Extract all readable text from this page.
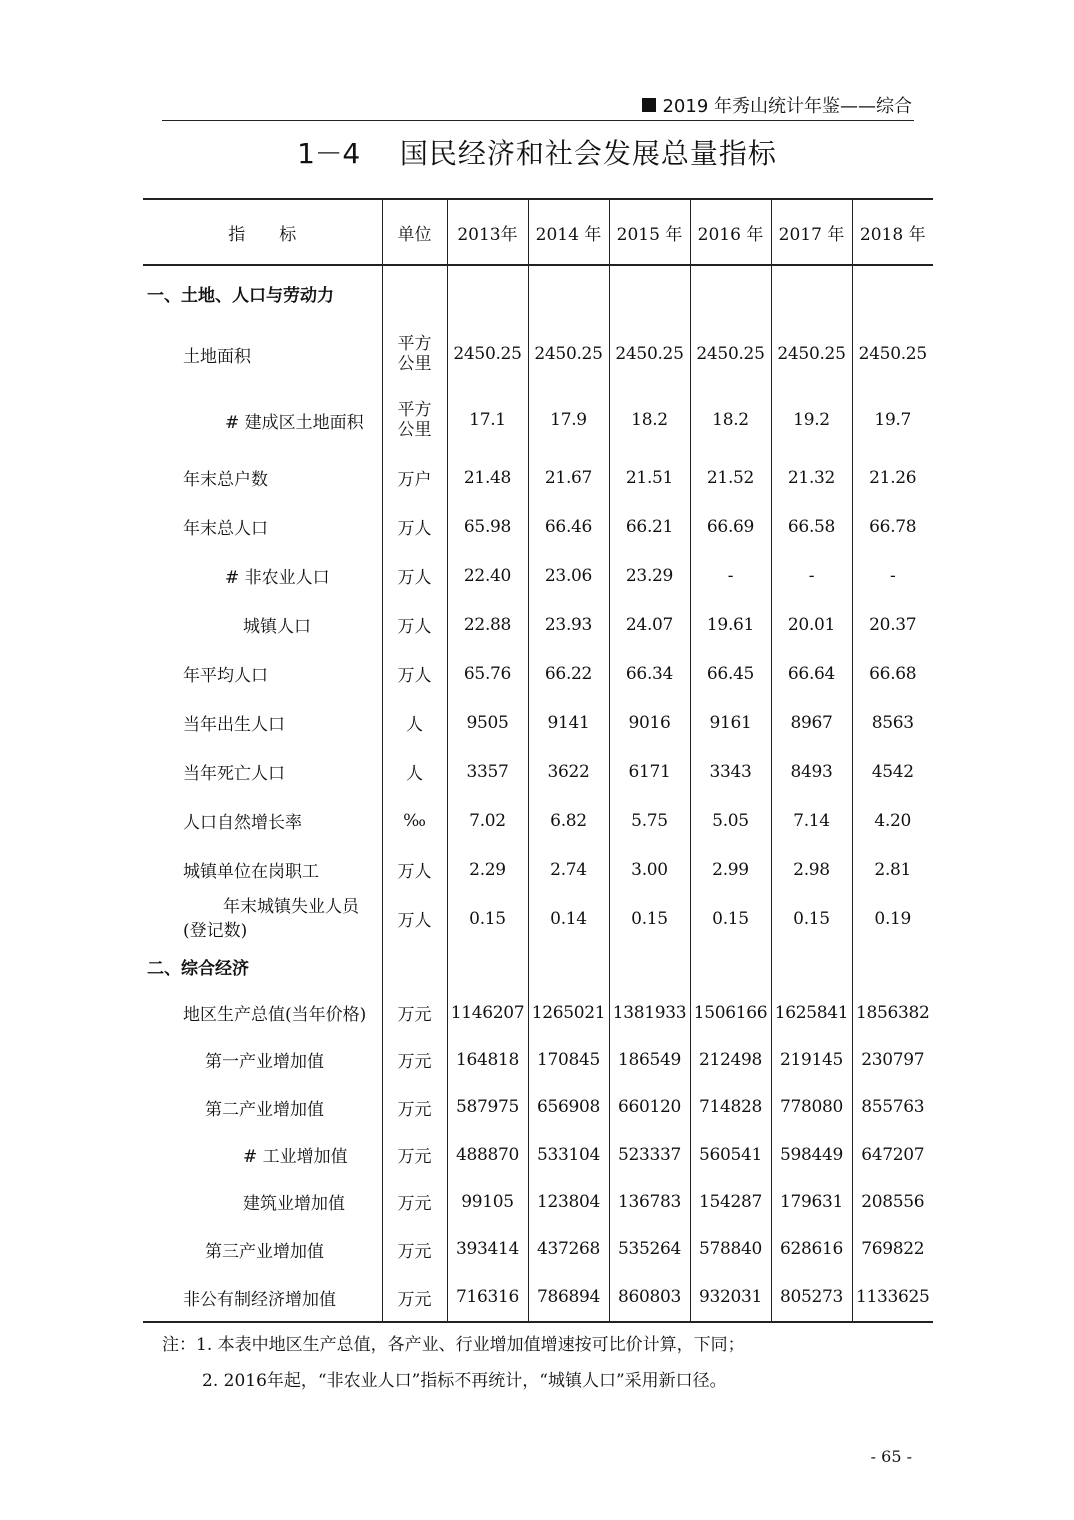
2019 年秀山统计年鉴——综合
1－4 国民经济和社会发展总量指标
指　　标	单位	2013年	2014 年	2015 年	2016 年	2017 年	2018 年
一、土地、人口与劳动力							
土地面积	平方公里	2450.25	2450.25	2450.25	2450.25	2450.25	2450.25
# 建成区土地面积	平方公里	17.1	17.9	18.2	18.2	19.2	19.7
年末总户数	万户	21.48	21.67	21.51	21.52	21.32	21.26
年末总人口	万人	65.98	66.46	66.21	66.69	66.58	66.78
# 非农业人口	万人	22.40	23.06	23.29	-	-	-
城镇人口	万人	22.88	23.93	24.07	19.61	20.01	20.37
年平均人口	万人	65.76	66.22	66.34	66.45	66.64	66.68
当年出生人口	人	9505	9141	9016	9161	8967	8563
当年死亡人口	人	3357	3622	6171	3343	8493	4542
人口自然增长率	‰	7.02	6.82	5.75	5.05	7.14	4.20
城镇单位在岗职工	万人	2.29	2.74	3.00	2.99	2.98	2.81
年末城镇失业人员(登记数)	万人	0.15	0.14	0.15	0.15	0.15	0.19
二、综合经济							
地区生产总值(当年价格)	万元	1146207	1265021	1381933	1506166	1625841	1856382
第一产业增加值	万元	164818	170845	186549	212498	219145	230797
第二产业增加值	万元	587975	656908	660120	714828	778080	855763
# 工业增加值	万元	488870	533104	523337	560541	598449	647207
建筑业增加值	万元	99105	123804	136783	154287	179631	208556
第三产业增加值	万元	393414	437268	535264	578840	628616	769822
非公有制经济增加值	万元	716316	786894	860803	932031	805273	1133625
注：1. 本表中地区生产总值，各产业、行业增加值增速按可比价计算，下同；
2. 2016年起，“非农业人口”指标不再统计，“城镇人口”采用新口径。
- 65 -
